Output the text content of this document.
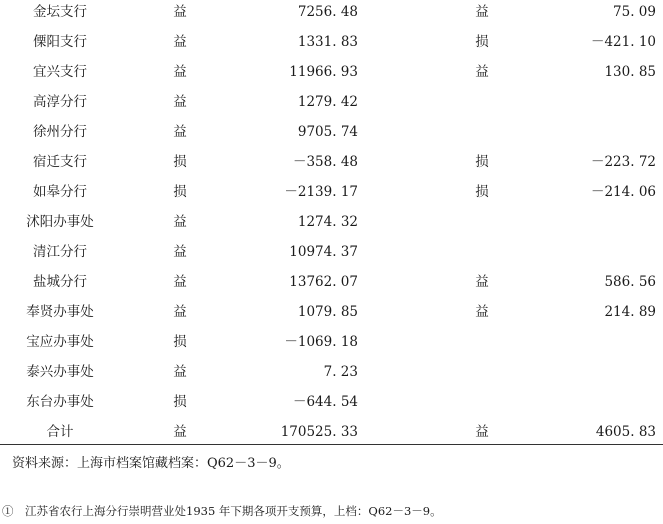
金坛支行	益	7256. 48	益	75. 09
傈阳支行	益	1331. 83	损	－421. 10
宜兴支行	益	11966. 93	益	130. 85
高淳分行	益	1279. 42
徐州分行	益	9705. 74
宿迁支行	损	－358. 48	损	－223. 72
如皋分行	损	－2139. 17	损	－214. 06
沭阳办事处	益	1274. 32
清江分行	益	10974. 37
盐城分行	益	13762. 07	益	586. 56
奉贤办事处	益	1079. 85	益	214. 89
宝应办事处	损	－1069. 18
泰兴办事处	益	7. 23
东台办事处	损	－644. 54
合计	益	170525. 33	益	4605. 83
资料来源：上海市档案馆藏档案：Q62－3－9。
①　江苏省农行上海分行崇明营业处1935 年下期各项开支预算，上档：Q62－3－9。
